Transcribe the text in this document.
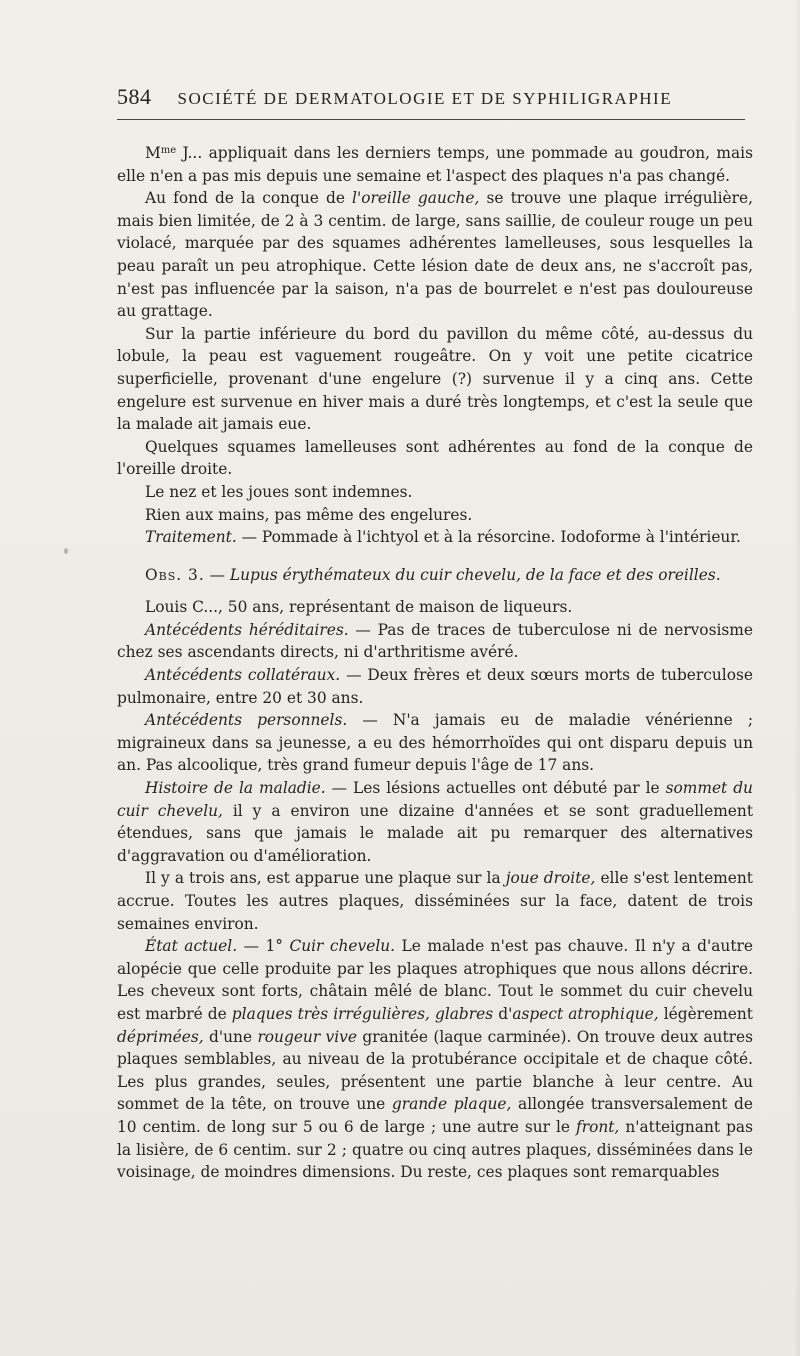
584 SOCIÉTÉ DE DERMATOLOGIE ET DE SYPHILIGRAPHIE

$M^{me}$ J... appliquait dans les derniers temps, une pommade au goudron, mais elle n'en a pas mis depuis une semaine et l'aspect des plaques n'a pas changé.

Au fond de la conque de l'oreille gauche, se trouve une plaque irrégulière, mais bien limitée, de 2 à 3 centim. de large, sans saillie, de couleur rouge un peu violacé, marquée par des squames adhérentes lamelleuses, sous lesquelles la peau paraît un peu atrophique. Cette lésion date de deux ans, ne s'accroît pas, n'est pas influencée par la saison, n'a pas de bourrelet e n'est pas douloureuse au grattage.

Sur la partie inférieure du bord du pavillon du même côté, au-dessus du lobule, la peau est vaguement rougeâtre. On y voit une petite cicatrice superficielle, provenant d'une engelure (?) survenue il y a cinq ans. Cette engelure est survenue en hiver mais a duré très longtemps, et c'est la seule que la malade ait jamais eue.

Quelques squames lamelleuses sont adhérentes au fond de la conque de l'oreille droite.

Le nez et les joues sont indemnes.

Rien aux mains, pas même des engelures.

Traitement. — Pommade à l'ichtyol et à la résorcine. Iodoforme à l'intérieur.

Obs. 3. — Lupus érythémateux du cuir chevelu, de la face et des oreilles.

Louis C..., 50 ans, représentant de maison de liqueurs.

Antécédents héréditaires. — Pas de traces de tuberculose ni de nervosisme chez ses ascendants directs, ni d'arthritisme avéré.

Antécédents collatéraux. — Deux frères et deux sœurs morts de tuberculose pulmonaire, entre 20 et 30 ans.

Antécédents personnels. — N'a jamais eu de maladie vénérienne ; migraineux dans sa jeunesse, a eu des hémorrhoïdes qui ont disparu depuis un an. Pas alcoolique, très grand fumeur depuis l'âge de 17 ans.

Histoire de la maladie. — Les lésions actuelles ont débuté par le sommet du cuir chevelu, il y a environ une dizaine d'années et se sont graduellement étendues, sans que jamais le malade ait pu remarquer des alternatives d'aggravation ou d'amélioration.

Il y a trois ans, est apparue une plaque sur la joue droite, elle s'est lentement accrue. Toutes les autres plaques, disséminées sur la face, datent de trois semaines environ.

État actuel. — 1° Cuir chevelu. Le malade n'est pas chauve. Il n'y a d'autre alopécie que celle produite par les plaques atrophiques que nous allons décrire. Les cheveux sont forts, châtain mêlé de blanc. Tout le sommet du cuir chevelu est marbré de plaques très irrégulières, glabres d'aspect atrophique, légèrement déprimées, d'une rougeur vive granitée (laque carminée). On trouve deux autres plaques semblables, au niveau de la protubérance occipitale et de chaque côté. Les plus grandes, seules, présentent une partie blanche à leur centre. Au sommet de la tête, on trouve une grande plaque, allongée transversalement de 10 centim. de long sur 5 ou 6 de large ; une autre sur le front, n'atteignant pas la lisière, de 6 centim. sur 2 ; quatre ou cinq autres plaques, disséminées dans le voisinage, de moindres dimensions. Du reste, ces plaques sont remarquables
